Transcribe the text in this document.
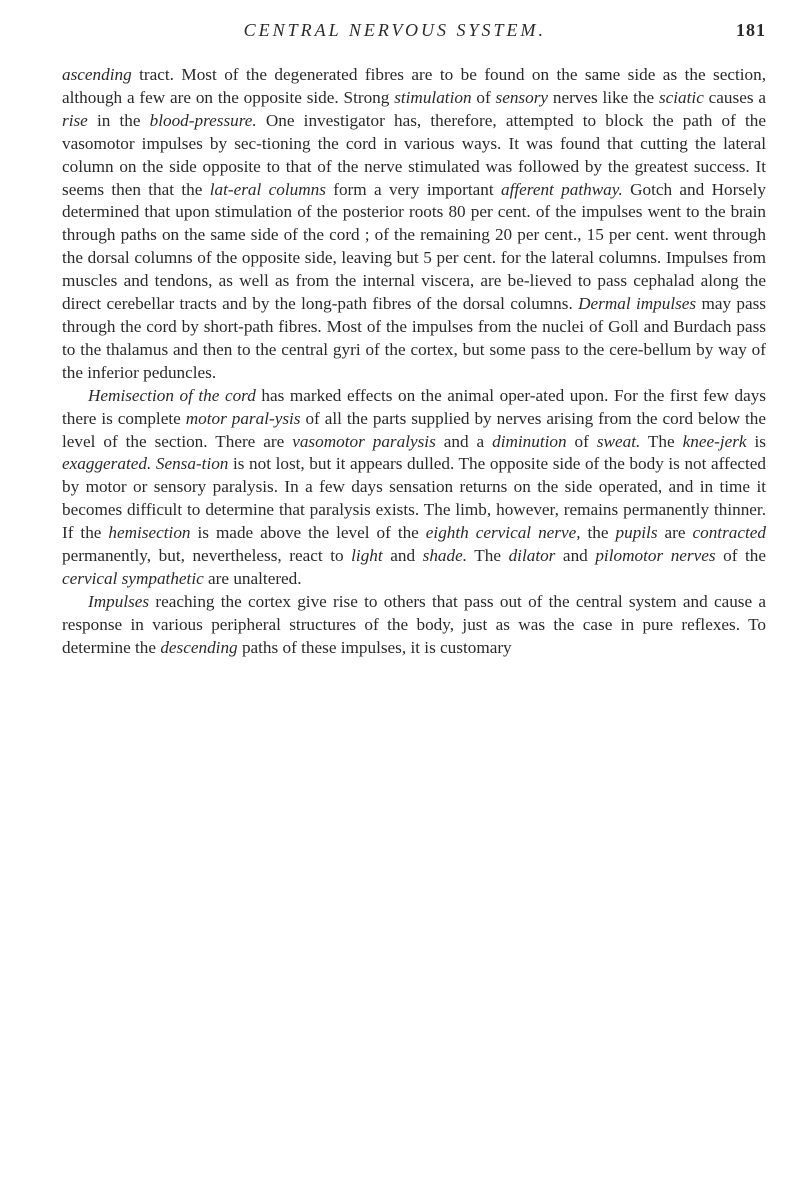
CENTRAL NERVOUS SYSTEM.	181

ascending tract. Most of the degenerated fibres are to be found on the same side as the section, although a few are on the opposite side. Strong stimulation of sensory nerves like the sciatic causes a rise in the blood-pressure. One investigator has, therefore, attempted to block the path of the vasomotor impulses by sec-tioning the cord in various ways. It was found that cutting the lateral column on the side opposite to that of the nerve stimulated was followed by the greatest success. It seems then that the lat-eral columns form a very important afferent pathway. Gotch and Horsely determined that upon stimulation of the posterior roots 80 per cent. of the impulses went to the brain through paths on the same side of the cord ; of the remaining 20 per cent., 15 per cent. went through the dorsal columns of the opposite side, leaving but 5 per cent. for the lateral columns. Impulses from muscles and tendons, as well as from the internal viscera, are be-lieved to pass cephalad along the direct cerebellar tracts and by the long-path fibres of the dorsal columns. Dermal impulses may pass through the cord by short-path fibres. Most of the impulses from the nuclei of Goll and Burdach pass to the thalamus and then to the central gyri of the cortex, but some pass to the cere-bellum by way of the inferior peduncles.

Hemisection of the cord has marked effects on the animal oper-ated upon. For the first few days there is complete motor paral-ysis of all the parts supplied by nerves arising from the cord below the level of the section. There are vasomotor paralysis and a diminution of sweat. The knee-jerk is exaggerated. Sensa-tion is not lost, but it appears dulled. The opposite side of the body is not affected by motor or sensory paralysis. In a few days sensation returns on the side operated, and in time it becomes difficult to determine that paralysis exists. The limb, however, remains permanently thinner. If the hemisection is made above the level of the eighth cervical nerve, the pupils are contracted permanently, but, nevertheless, react to light and shade. The dilator and pilomotor nerves of the cervical sympathetic are unaltered.

Impulses reaching the cortex give rise to others that pass out of the central system and cause a response in various peripheral structures of the body, just as was the case in pure reflexes. To determine the descending paths of these impulses, it is customary
